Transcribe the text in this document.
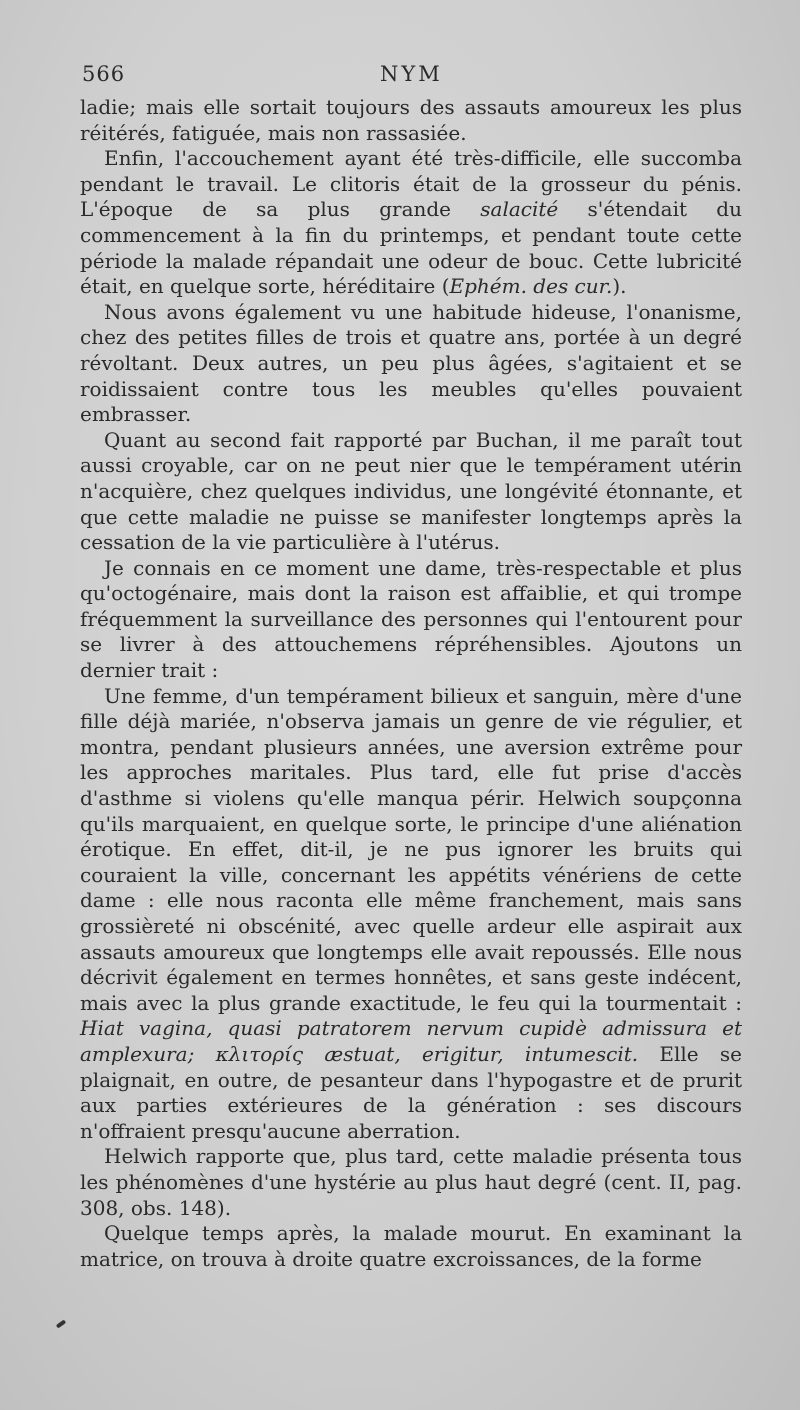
566	NYM

ladie; mais elle sortait toujours des assauts amoureux les plus réitérés, fatiguée, mais non rassasiée.

Enfin, l'accouchement ayant été très-difficile, elle succomba pendant le travail. Le clitoris était de la grosseur du pénis. L'époque de sa plus grande salacité s'étendait du commencement à la fin du printemps, et pendant toute cette période la malade répandait une odeur de bouc. Cette lubricité était, en quelque sorte, héréditaire (Ephém. des cur.).

Nous avons également vu une habitude hideuse, l'onanisme, chez des petites filles de trois et quatre ans, portée à un degré révoltant. Deux autres, un peu plus âgées, s'agitaient et se roidissaient contre tous les meubles qu'elles pouvaient embrasser.

Quant au second fait rapporté par Buchan, il me paraît tout aussi croyable, car on ne peut nier que le tempérament utérin n'acquière, chez quelques individus, une longévité étonnante, et que cette maladie ne puisse se manifester longtemps après la cessation de la vie particulière à l'utérus.

Je connais en ce moment une dame, très-respectable et plus qu'octogénaire, mais dont la raison est affaiblie, et qui trompe fréquemment la surveillance des personnes qui l'entourent pour se livrer à des attouchemens répréhensibles. Ajoutons un dernier trait :

Une femme, d'un tempérament bilieux et sanguin, mère d'une fille déjà mariée, n'observa jamais un genre de vie régulier, et montra, pendant plusieurs années, une aversion extrême pour les approches maritales. Plus tard, elle fut prise d'accès d'asthme si violens qu'elle manqua périr. Helwich soupçonna qu'ils marquaient, en quelque sorte, le principe d'une aliénation érotique. En effet, dit-il, je ne pus ignorer les bruits qui couraient la ville, concernant les appétits vénériens de cette dame : elle nous raconta elle même franchement, mais sans grossièreté ni obscénité, avec quelle ardeur elle aspirait aux assauts amoureux que longtemps elle avait repoussés. Elle nous décrivit également en termes honnêtes, et sans geste indécent, mais avec la plus grande exactitude, le feu qui la tourmentait : Hiat vagina, quasi patratorem nervum cupidè admissura et amplexura; κλιτορίς æstuat, erigitur, intumescit. Elle se plaignait, en outre, de pesanteur dans l'hypogastre et de prurit aux parties extérieures de la génération : ses discours n'offraient presqu'aucune aberration.

Helwich rapporte que, plus tard, cette maladie présenta tous les phénomènes d'une hystérie au plus haut degré (cent. II, pag. 308, obs. 148).

Quelque temps après, la malade mourut. En examinant la matrice, on trouva à droite quatre excroissances, de la forme
